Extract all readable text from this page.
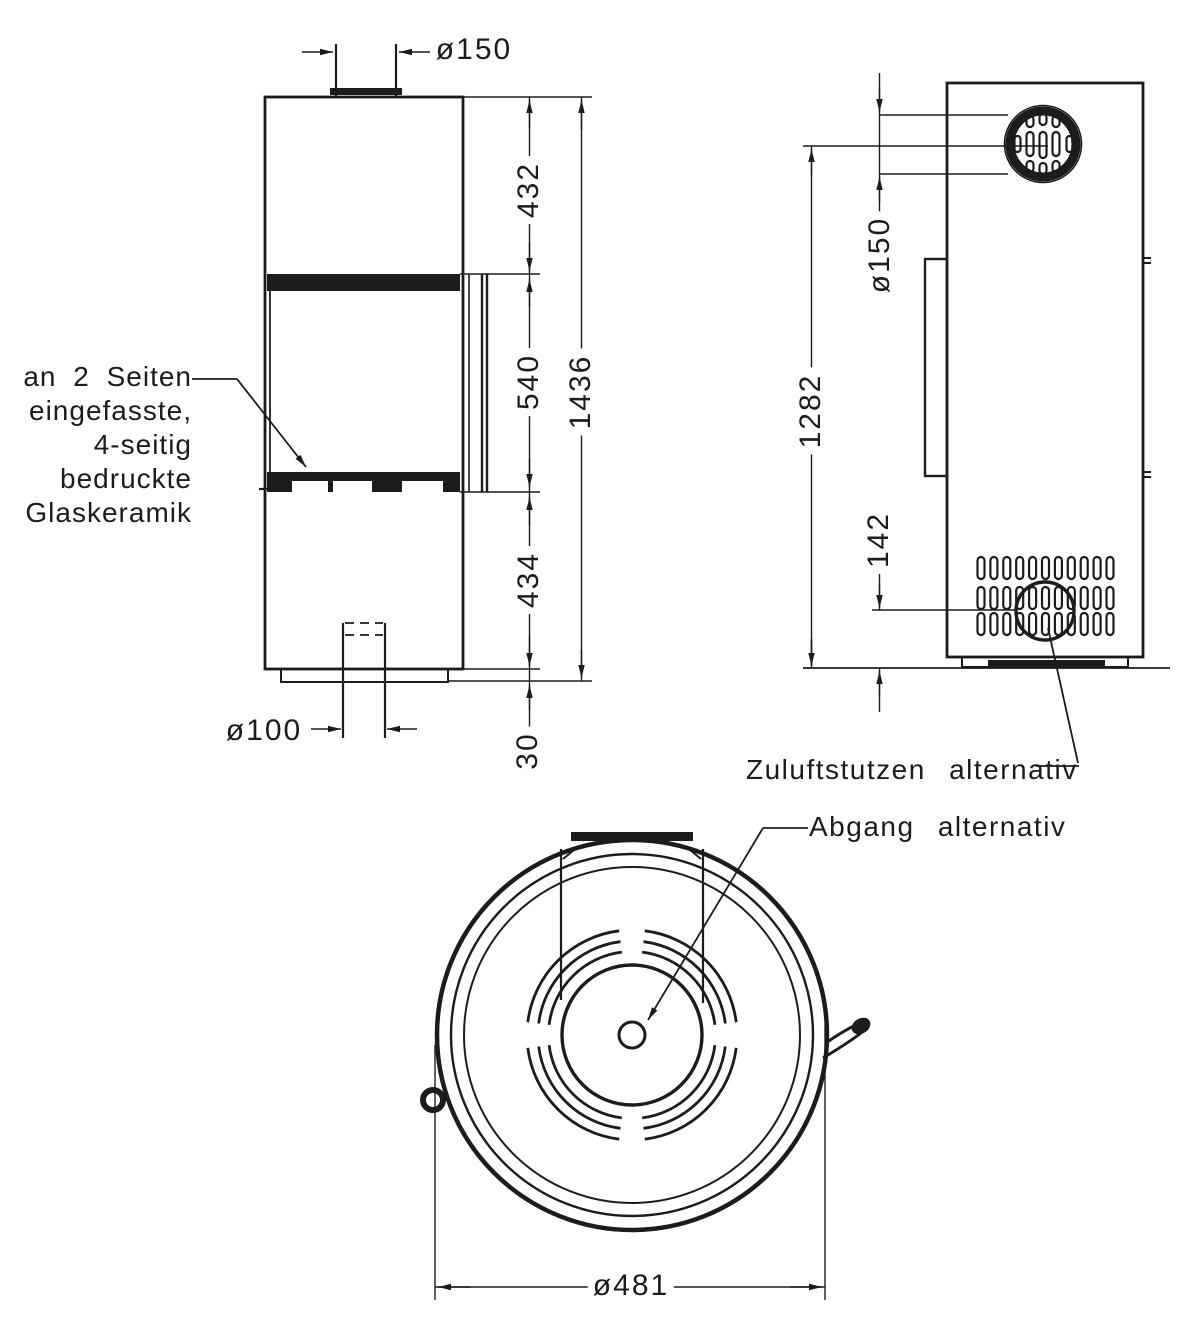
an 2 Seiten
eingefasste,
4-seitig
bedruckte
Glaskeramik
ø150
432
540 1436
434
30
ø100
ø150
1282
142
ø481
Zuluftstutzen alternativ
Abgang alternativ
